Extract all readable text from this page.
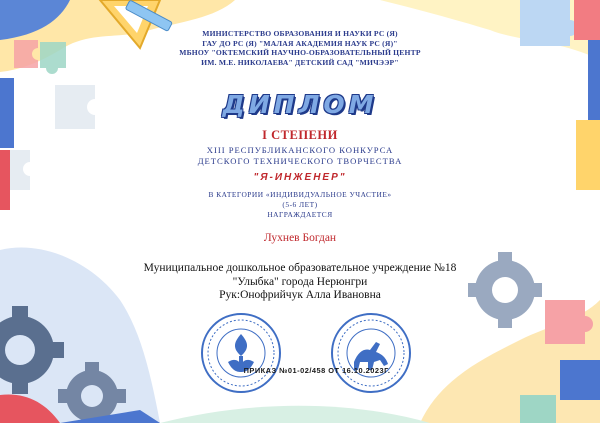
МИНИСТЕРСТВО ОБРАЗОВАНИЯ И НАУКИ РС (Я)
ГАУ ДО РС (Я) "МАЛАЯ АКАДЕМИЯ НАУК РС (Я)"
МБНОУ "ОКТЕМСКИЙ НАУЧНО-ОБРАЗОВАТЕЛЬНЫЙ ЦЕНТР
ИМ. М.Е. НИКОЛАЕВА" ДЕТСКИЙ САД "МИЧЭЭР"
ДИПЛОМ
I СТЕПЕНИ
XIII РЕСПУБЛИКАНСКОГО КОНКУРСА
ДЕТСКОГО ТЕХНИЧЕСКОГО ТВОРЧЕСТВА
"Я-ИНЖЕНЕР"
В КАТЕГОРИИ «ИНДИВИДУАЛЬНОЕ УЧАСТИЕ»
(5-6 ЛЕТ)
НАГРАЖДАЕТСЯ
Лухнев Богдан
Муниципальное дошкольное образовательное учреждение №18
"Улыбка" города Нерюнгри
Рук:Онофрийчук Алла Ивановна
ПРИКАЗ №01-02/458 ОТ 16.10.2023Г.
